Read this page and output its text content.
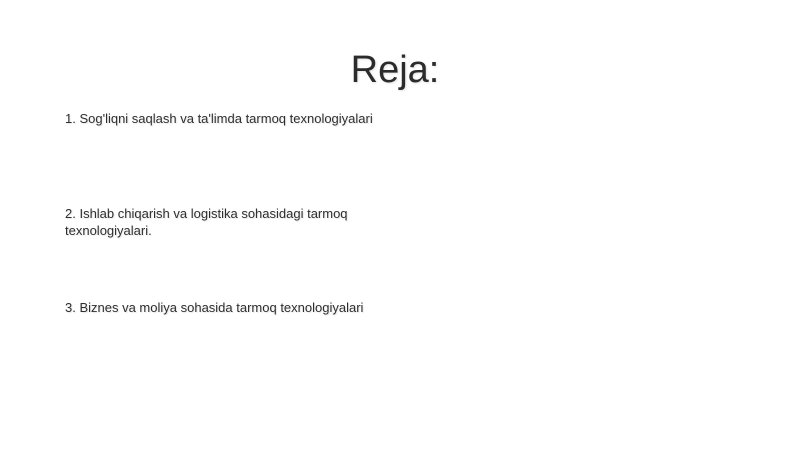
Reja:
1. Sog'liqni saqlash va ta'limda tarmoq texnologiyalari
2. Ishlab chiqarish va logistika sohasidagi tarmoq texnologiyalari.
3. Biznes va moliya sohasida tarmoq texnologiyalari
